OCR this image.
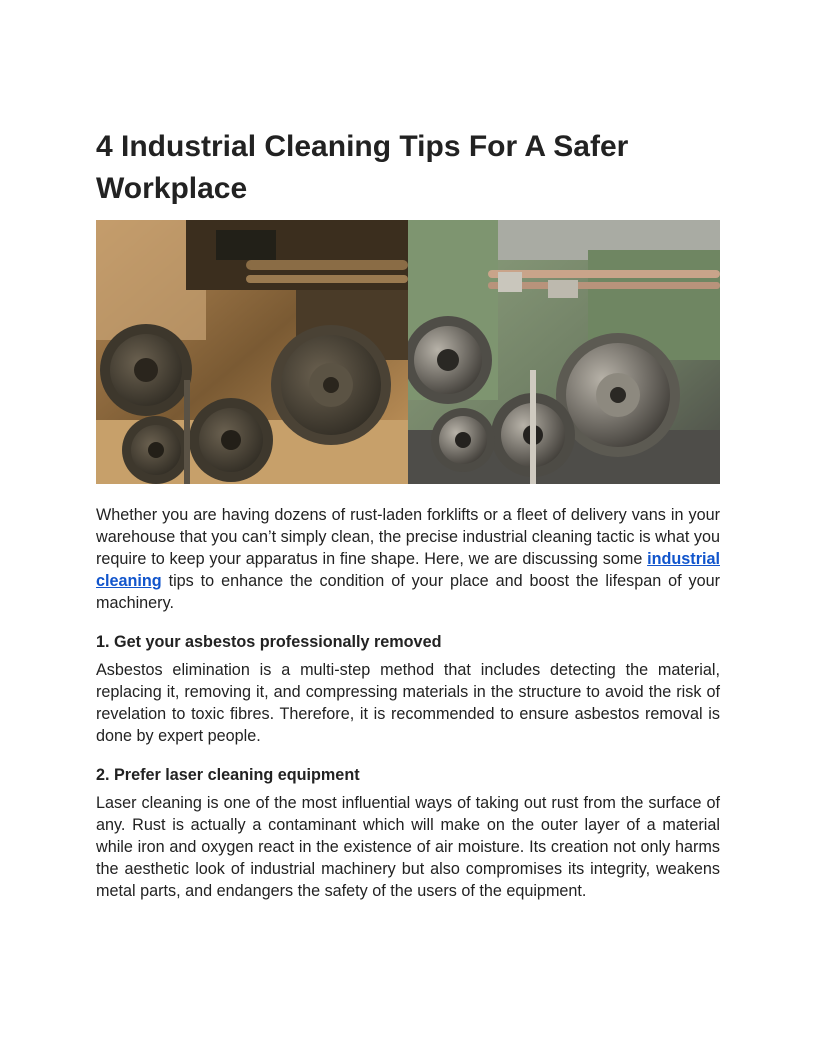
4 Industrial Cleaning Tips For A Safer Workplace

Whether you are having dozens of rust-laden forklifts or a fleet of delivery vans in your warehouse that you can’t simply clean, the precise industrial cleaning tactic is what you require to keep your apparatus in fine shape. Here, we are discussing some industrial cleaning tips to enhance the condition of your place and boost the lifespan of your machinery.

1. Get your asbestos professionally removed

Asbestos elimination is a multi-step method that includes detecting the material, replacing it, removing it, and compressing materials in the structure to avoid the risk of revelation to toxic fibres. Therefore, it is recommended to ensure asbestos removal is done by expert people.

2. Prefer laser cleaning equipment

Laser cleaning is one of the most influential ways of taking out rust from the surface of any. Rust is actually a contaminant which will make on the outer layer of a material while iron and oxygen react in the existence of air moisture. Its creation not only harms the aesthetic look of industrial machinery but also compromises its integrity, weakens metal parts, and endangers the safety of the users of the equipment.
